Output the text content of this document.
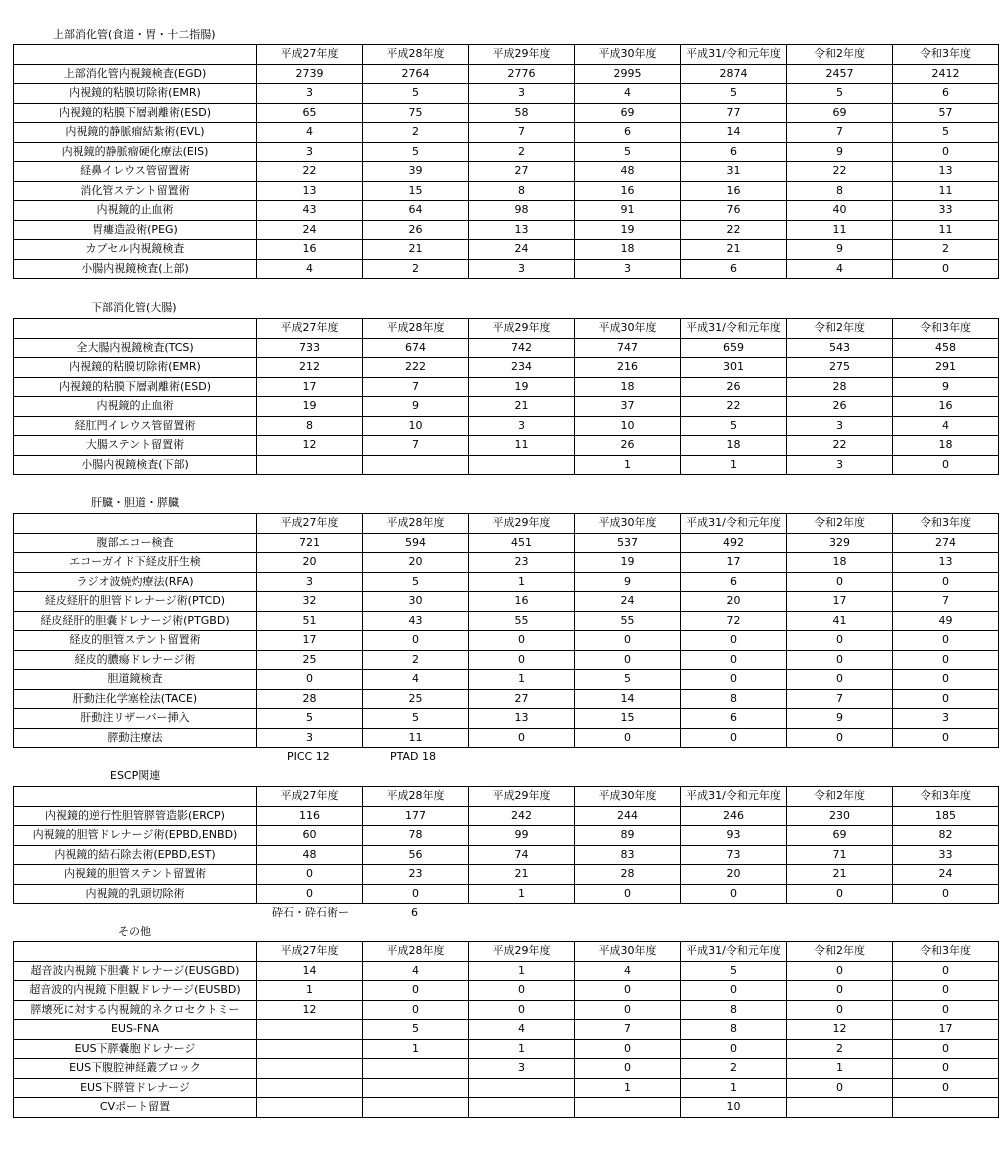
上部消化管(食道・胃・十二指腸)
	平成27年度	平成28年度	平成29年度	平成30年度	平成31/令和元年度	令和2年度	令和3年度
上部消化管内視鏡検査(EGD)	2739	2764	2776	2995	2874	2457	2412
内視鏡的粘膜切除術(EMR)	3	5	3	4	5	5	6
内視鏡的粘膜下層剥離術(ESD)	65	75	58	69	77	69	57
内視鏡的静脈瘤結紮術(EVL)	4	2	7	6	14	7	5
内視鏡的静脈瘤硬化療法(EIS)	3	5	2	5	6	9	0
経鼻イレウス管留置術	22	39	27	48	31	22	13
消化管ステント留置術	13	15	8	16	16	8	11
内視鏡的止血術	43	64	98	91	76	40	33
胃瘻造設術(PEG)	24	26	13	19	22	11	11
カプセル内視鏡検査	16	21	24	18	21	9	2
小腸内視鏡検査(上部)	4	2	3	3	6	4	0
下部消化管(大腸)
	平成27年度	平成28年度	平成29年度	平成30年度	平成31/令和元年度	令和2年度	令和3年度
全大腸内視鏡検査(TCS)	733	674	742	747	659	543	458
内視鏡的粘膜切除術(EMR)	212	222	234	216	301	275	291
内視鏡的粘膜下層剥離術(ESD)	17	7	19	18	26	28	9
内視鏡的止血術	19	9	21	37	22	26	16
経肛門イレウス管留置術	8	10	3	10	5	3	4
大腸ステント留置術	12	7	11	26	18	22	18
小腸内視鏡検査(下部)				1	1	3	0
肝臓・胆道・膵臓
	平成27年度	平成28年度	平成29年度	平成30年度	平成31/令和元年度	令和2年度	令和3年度
腹部エコー検査	721	594	451	537	492	329	274
エコーガイド下経皮肝生検	20	20	23	19	17	18	13
ラジオ波焼灼療法(RFA)	3	5	1	9	6	0	0
経皮経肝的胆管ドレナージ術(PTCD)	32	30	16	24	20	17	7
経皮経肝的胆嚢ドレナージ術(PTGBD)	51	43	55	55	72	41	49
経皮的胆管ステント留置術	17	0	0	0	0	0	0
経皮的膿瘍ドレナージ術	25	2	0	0	0	0	0
胆道鏡検査	0	4	1	5	0	0	0
肝動注化学塞栓法(TACE)	28	25	27	14	8	7	0
肝動注リザーバー挿入	5	5	13	15	6	9	3
膵動注療法	3	11	0	0	0	0	0
PICC 12	PTAD 18
ESCP関連
	平成27年度	平成28年度	平成29年度	平成30年度	平成31/令和元年度	令和2年度	令和3年度
内視鏡的逆行性胆管膵管造影(ERCP)	116	177	242	244	246	230	185
内視鏡的胆管ドレナージ術(EPBD,ENBD)	60	78	99	89	93	69	82
内視鏡的結石除去術(EPBD,EST)	48	56	74	83	73	71	33
内視鏡的胆管ステント留置術	0	23	21	28	20	21	24
内視鏡的乳頭切除術	0	0	1	0	0	0	0
砕石・砕石術ー	6
その他
	平成27年度	平成28年度	平成29年度	平成30年度	平成31/令和元年度	令和2年度	令和3年度
超音波内視鏡下胆嚢ドレナージ(EUSGBD)	14	4	1	4	5	0	0
超音波的内視鏡下胆観ドレナージ(EUSBD)	1	0	0	0	0	0	0
膵壊死に対する内視鏡的ネクロセクトミー	12	0	0	0	8	0	0
EUS-FNA		5	4	7	8	12	17
EUS下膵嚢胞ドレナージ		1	1	0	0	2	0
EUS下腹腔神経叢ブロック			3	0	2	1	0
EUS下膵管ドレナージ				1	1	0	0
CVポート留置					10		
